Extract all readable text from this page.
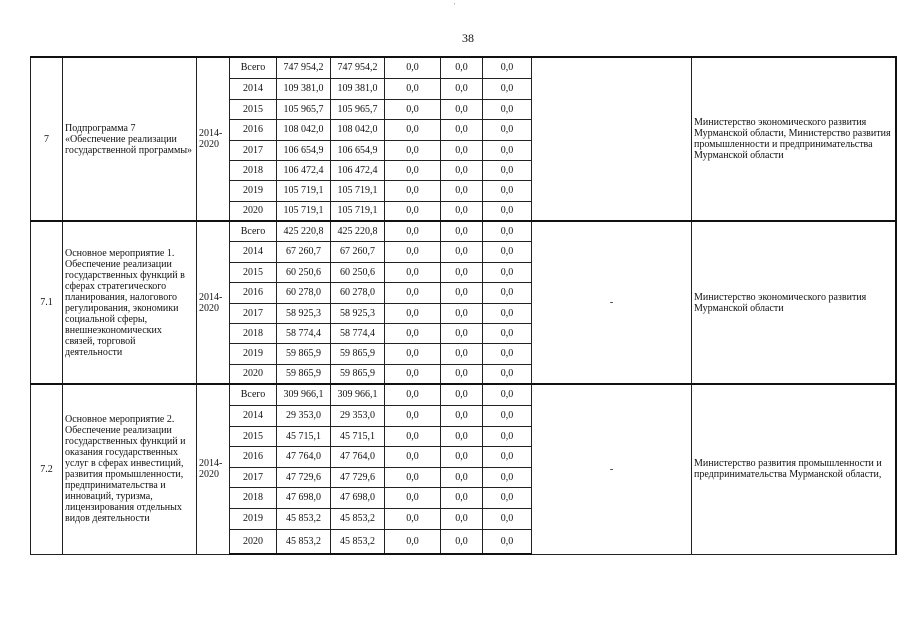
'
38
7	Подпрограмма 7 «Обеспечение реализации государственной программы»	2014-2020	Всего	747 954,2	747 954,2	0,0	0,0	0,0		Министерство экономического развития Мурманской области, Министерство развития промышленности и предпринимательства Мурманской области
			2014	109 381,0	109 381,0	0,0	0,0	0,0		
			2015	105 965,7	105 965,7	0,0	0,0	0,0		
			2016	108 042,0	108 042,0	0,0	0,0	0,0		
			2017	106 654,9	106 654,9	0,0	0,0	0,0		
			2018	106 472,4	106 472,4	0,0	0,0	0,0		
			2019	105 719,1	105 719,1	0,0	0,0	0,0		
			2020	105 719,1	105 719,1	0,0	0,0	0,0		
7.1	Основное мероприятие 1. Обеспечение реализации государственных функций в сферах стратегического планирования, налогового регулирования, экономики социальной сферы, внешнеэкономических связей, торговой деятельности	2014-2020	Всего	425 220,8	425 220,8	0,0	0,0	0,0	-	Министерство экономического развития Мурманской области
			2014	67 260,7	67 260,7	0,0	0,0	0,0		
			2015	60 250,6	60 250,6	0,0	0,0	0,0		
			2016	60 278,0	60 278,0	0,0	0,0	0,0		
			2017	58 925,3	58 925,3	0,0	0,0	0,0		
			2018	58 774,4	58 774,4	0,0	0,0	0,0		
			2019	59 865,9	59 865,9	0,0	0,0	0,0		
			2020	59 865,9	59 865,9	0,0	0,0	0,0		
7.2	Основное мероприятие 2. Обеспечение реализации государственных функций и оказания государственных услуг в сферах инвестиций, развития промышленности, предпринимательства и инноваций, туризма, лицензирования отдельных видов деятельности	2014-2020	Всего	309 966,1	309 966,1	0,0	0,0	0,0	-	Министерство развития промышленности и предпринимательства Мурманской области,
			2014	29 353,0	29 353,0	0,0	0,0	0,0		
			2015	45 715,1	45 715,1	0,0	0,0	0,0		
			2016	47 764,0	47 764,0	0,0	0,0	0,0		
			2017	47 729,6	47 729,6	0,0	0,0	0,0		
			2018	47 698,0	47 698,0	0,0	0,0	0,0		
			2019	45 853,2	45 853,2	0,0	0,0	0,0		
			2020	45 853,2	45 853,2	0,0	0,0	0,0		
